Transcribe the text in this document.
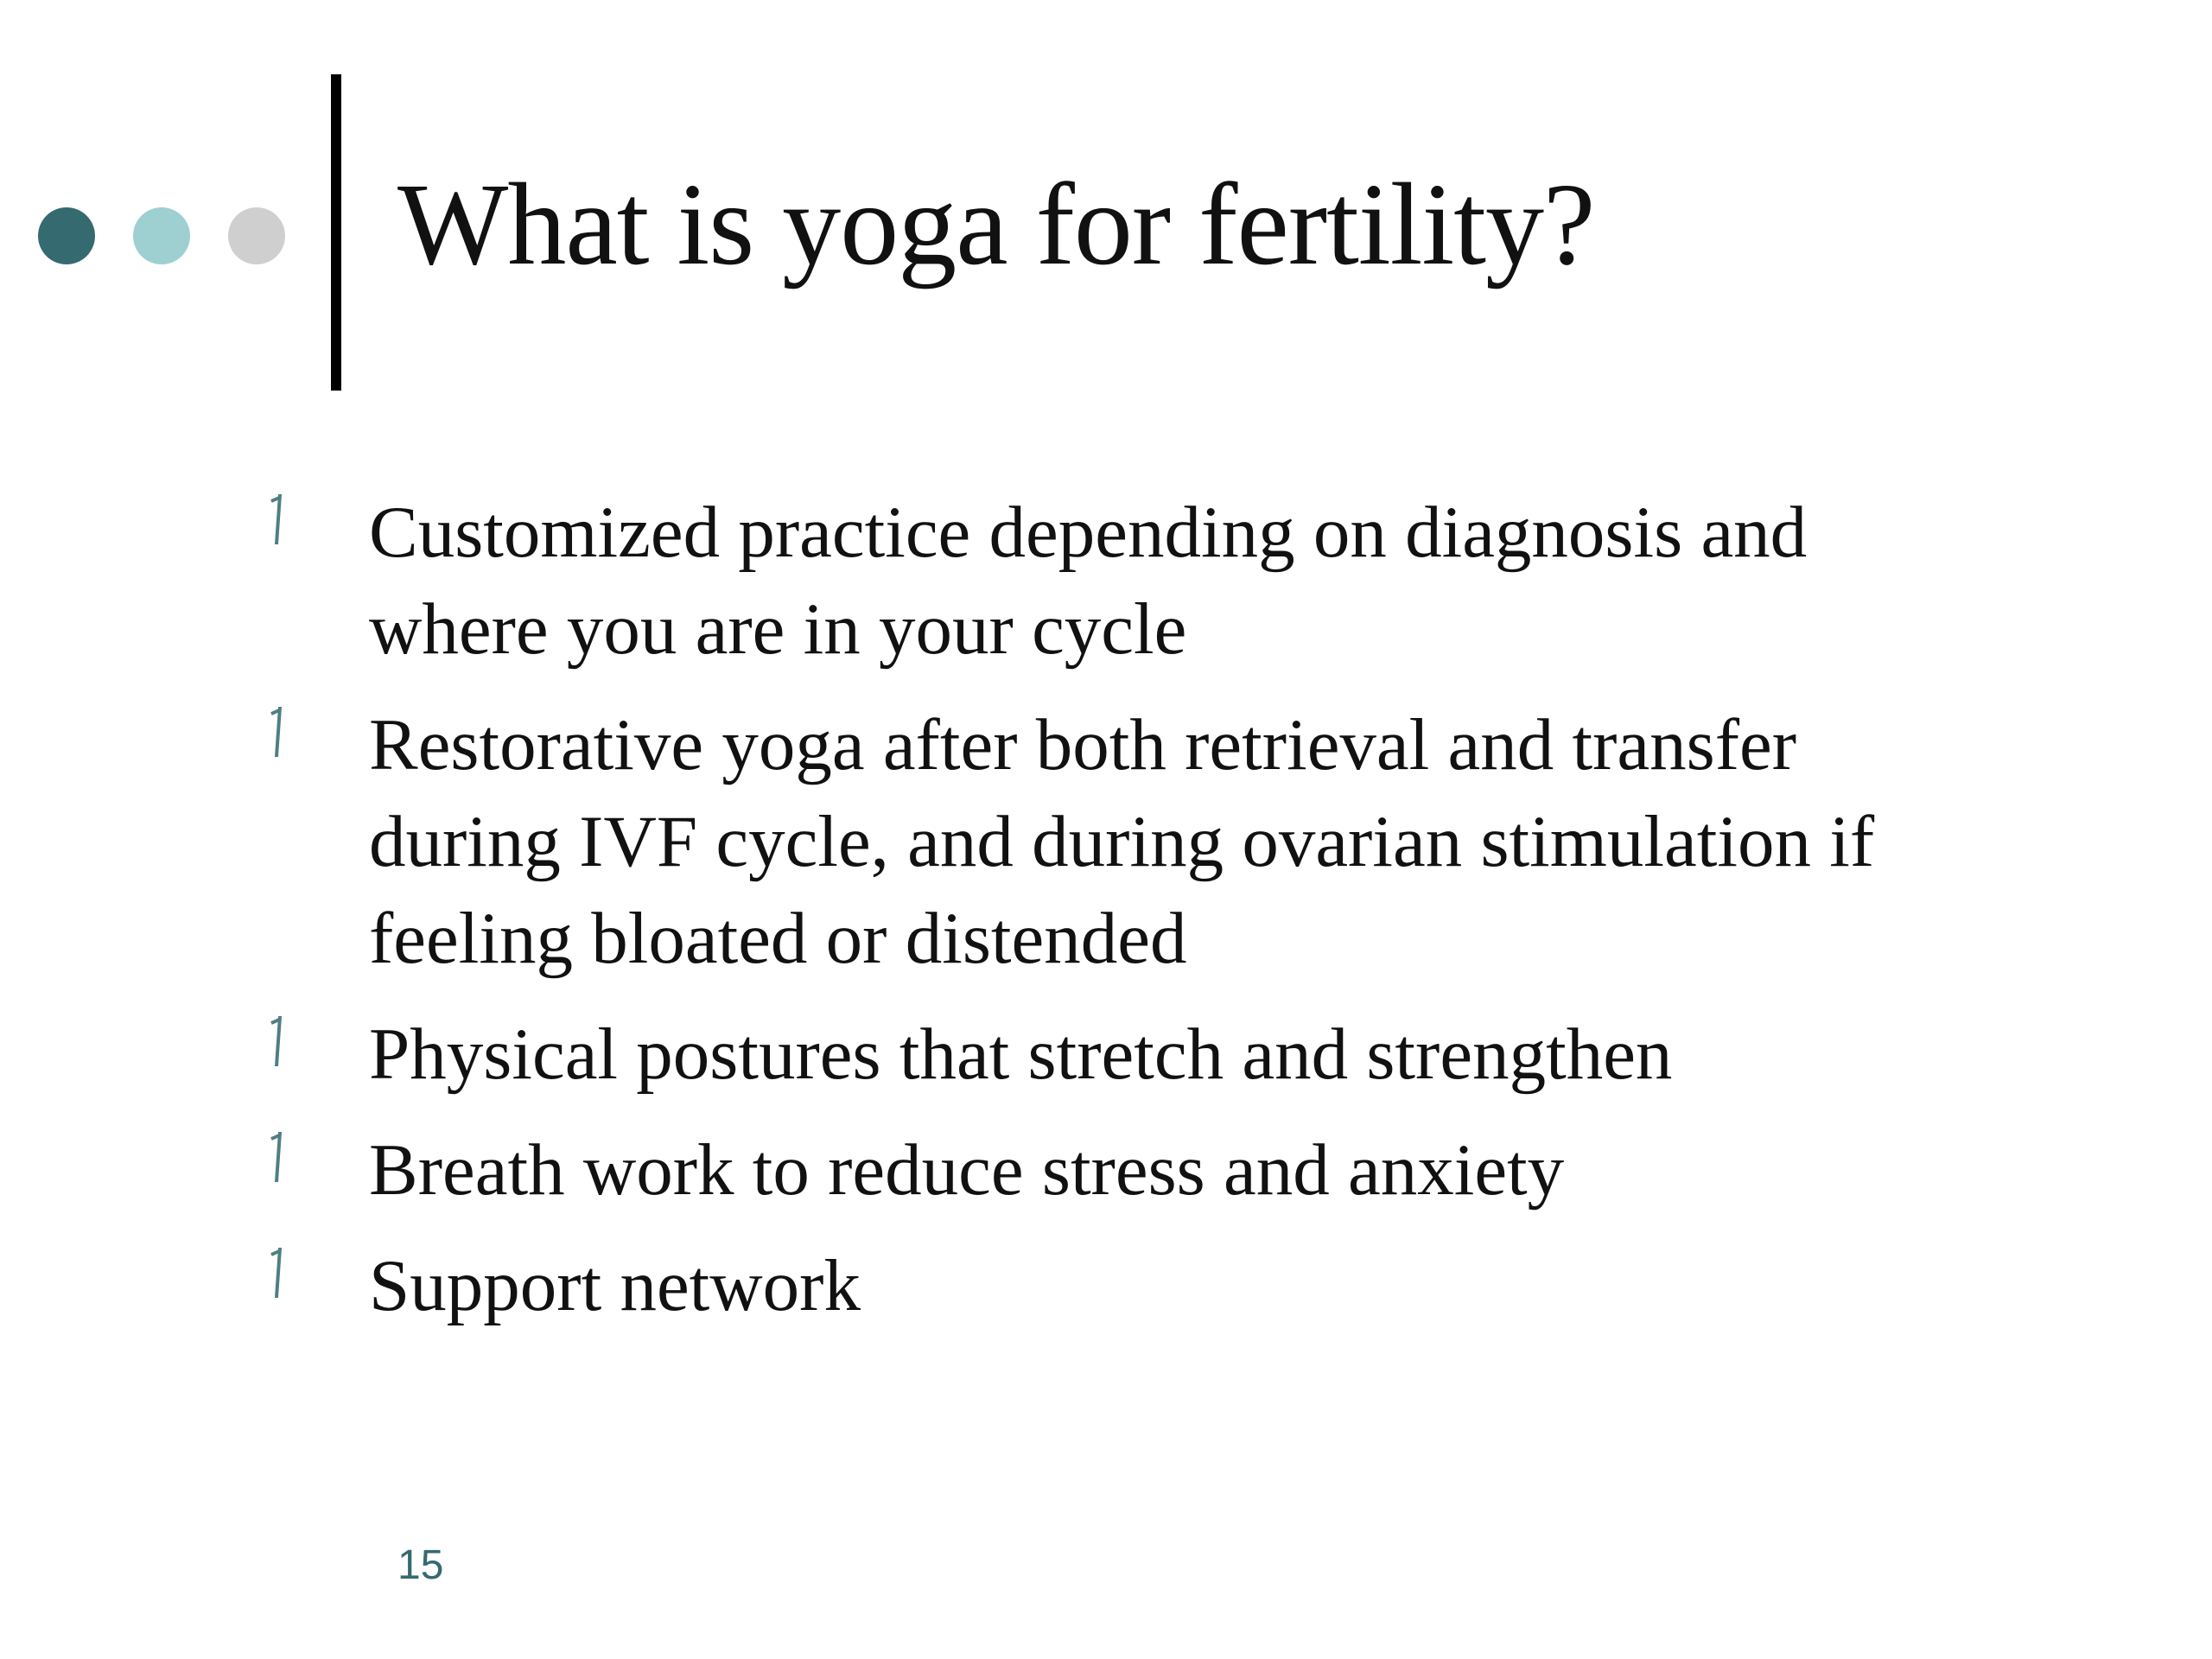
What is yoga for fertility?
Customized practice depending on diagnosis and where you are in your cycle
Restorative yoga after both retrieval and transfer during IVF cycle, and during ovarian stimulation if feeling bloated or distended
Physical postures that stretch and strengthen
Breath work to reduce stress and anxiety
Support network
15
